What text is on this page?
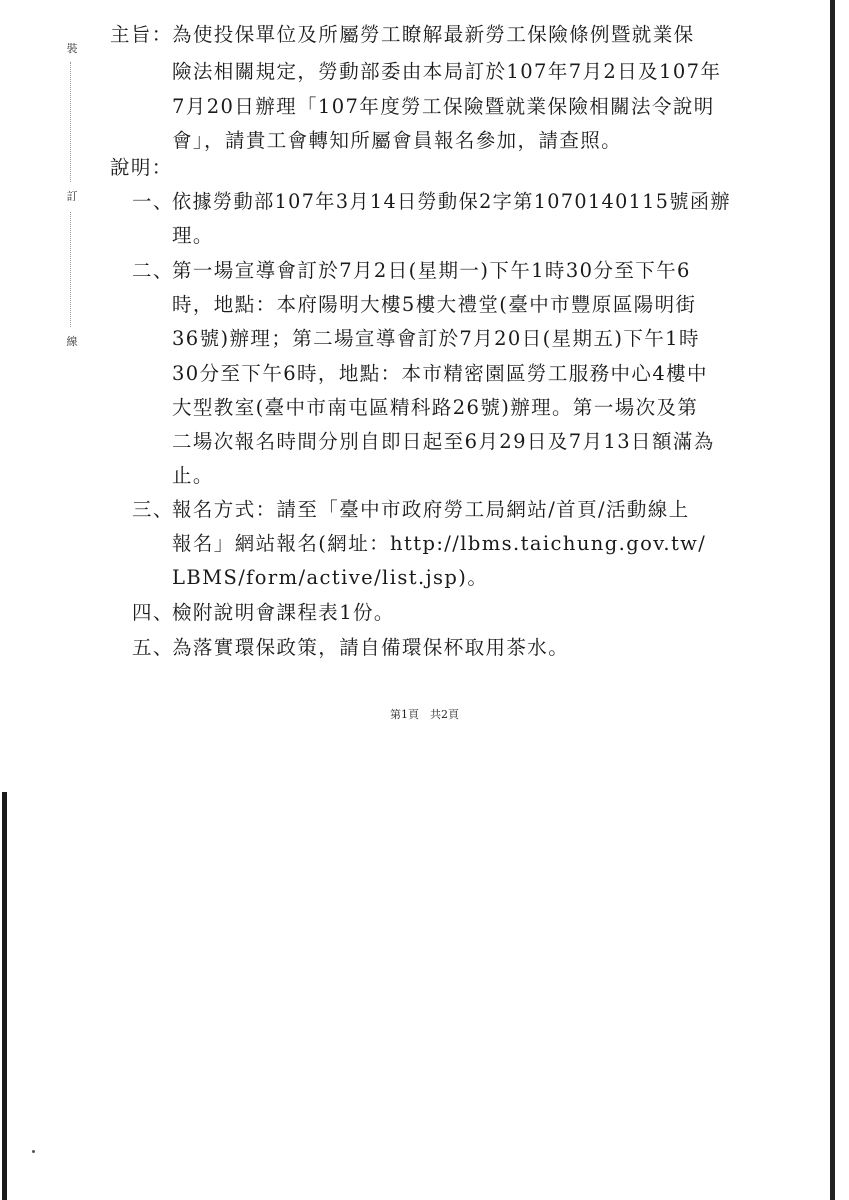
裝
訂
線
主旨： 為使投保單位及所屬勞工瞭解最新勞工保險條例暨就業保
險法相關規定，勞動部委由本局訂於107年7月2日及107年
7月20日辦理「107年度勞工保險暨就業保險相關法令說明
會」，請貴工會轉知所屬會員報名參加，請查照。
說明：
一、
依據勞動部107年3月14日勞動保2字第1070140115號函辦
理。
二、
第一場宣導會訂於7月2日(星期一)下午1時30分至下午6
時，地點：本府陽明大樓5樓大禮堂(臺中市豐原區陽明街
36號)辦理；第二場宣導會訂於7月20日(星期五)下午1時
30分至下午6時，地點：本市精密園區勞工服務中心4樓中
大型教室(臺中市南屯區精科路26號)辦理。第一場次及第
二場次報名時間分別自即日起至6月29日及7月13日額滿為
止。
三、
報名方式：請至「臺中市政府勞工局網站/首頁/活動線上
報名」網站報名(網址：http://lbms.taichung.gov.tw/
LBMS/form/active/list.jsp)。
四、
檢附說明會課程表1份。
五、
為落實環保政策，請自備環保杯取用茶水。
第1頁　共2頁
